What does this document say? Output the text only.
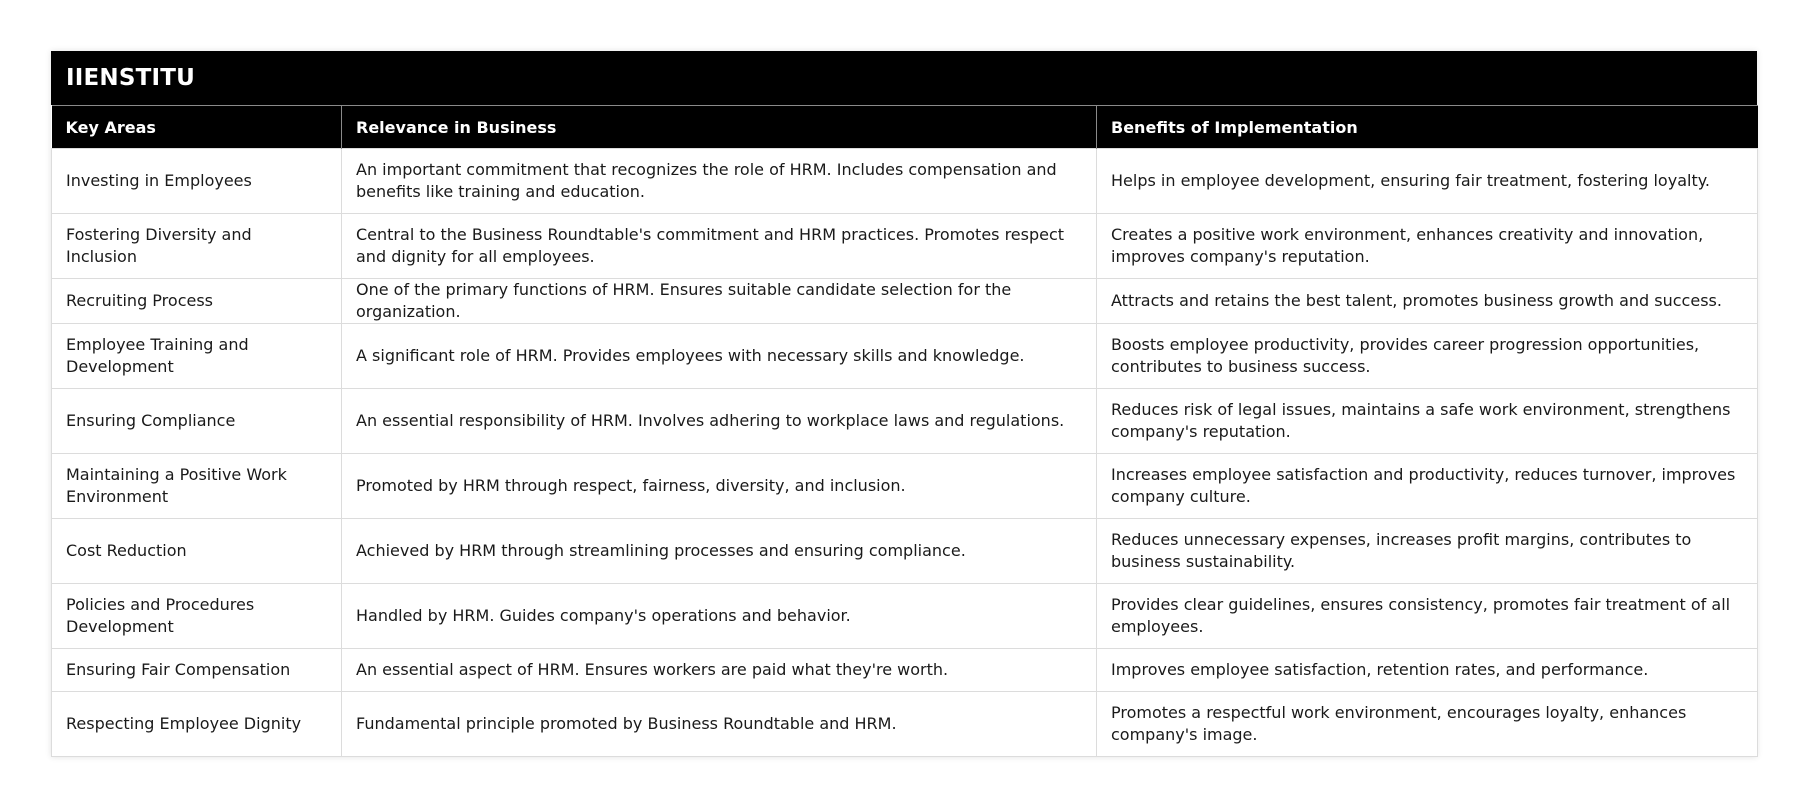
IIENSTITU
Key Areas	Relevance in Business	Benefits of Implementation
Investing in Employees	An important commitment that recognizes the role of HRM. Includes compensation and benefits like training and education.	Helps in employee development, ensuring fair treatment, fostering loyalty.
Fostering Diversity and Inclusion	Central to the Business Roundtable's commitment and HRM practices. Promotes respect and dignity for all employees.	Creates a positive work environment, enhances creativity and innovation, improves company's reputation.
Recruiting Process	One of the primary functions of HRM. Ensures suitable candidate selection for the organization.	Attracts and retains the best talent, promotes business growth and success.
Employee Training and Development	A significant role of HRM. Provides employees with necessary skills and knowledge.	Boosts employee productivity, provides career progression opportunities, contributes to business success.
Ensuring Compliance	An essential responsibility of HRM. Involves adhering to workplace laws and regulations.	Reduces risk of legal issues, maintains a safe work environment, strengthens company's reputation.
Maintaining a Positive Work Environment	Promoted by HRM through respect, fairness, diversity, and inclusion.	Increases employee satisfaction and productivity, reduces turnover, improves company culture.
Cost Reduction	Achieved by HRM through streamlining processes and ensuring compliance.	Reduces unnecessary expenses, increases profit margins, contributes to business sustainability.
Policies and Procedures Development	Handled by HRM. Guides company's operations and behavior.	Provides clear guidelines, ensures consistency, promotes fair treatment of all employees.
Ensuring Fair Compensation	An essential aspect of HRM. Ensures workers are paid what they're worth.	Improves employee satisfaction, retention rates, and performance.
Respecting Employee Dignity	Fundamental principle promoted by Business Roundtable and HRM.	Promotes a respectful work environment, encourages loyalty, enhances company's image.
